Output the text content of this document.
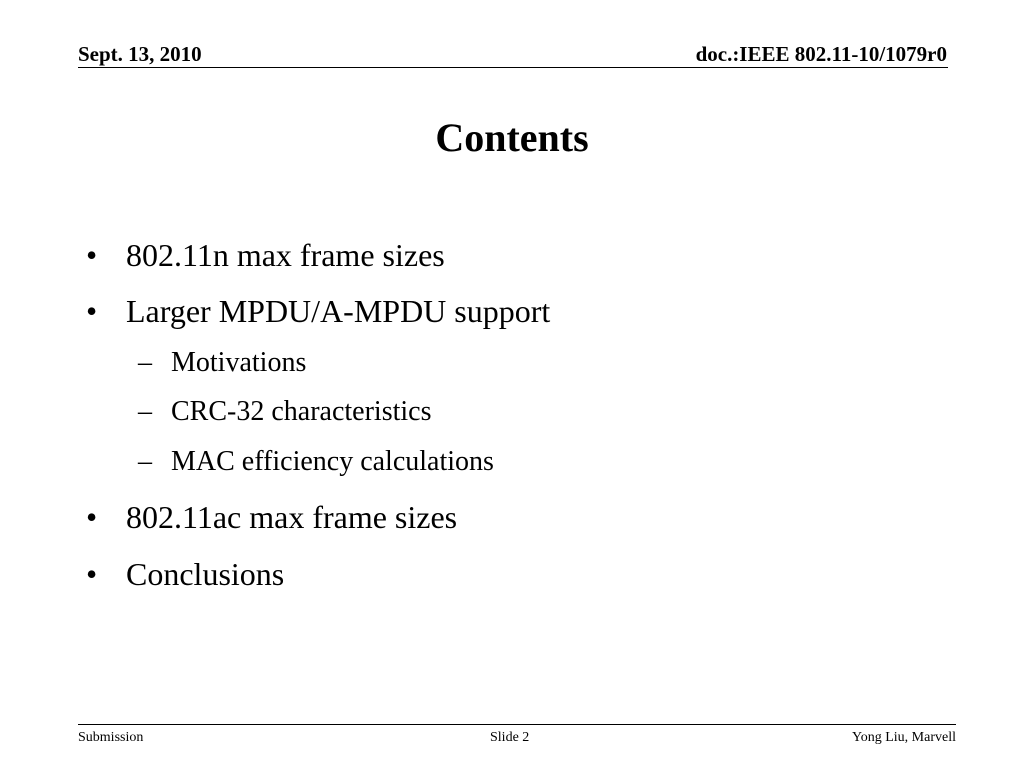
Sept. 13, 2010	doc.:IEEE 802.11-10/1079r0
Contents
• 802.11n max frame sizes
• Larger MPDU/A-MPDU support
– Motivations
– CRC-32 characteristics
– MAC efficiency calculations
• 802.11ac max frame sizes
• Conclusions
Submission	Slide 2	Yong Liu, Marvell
